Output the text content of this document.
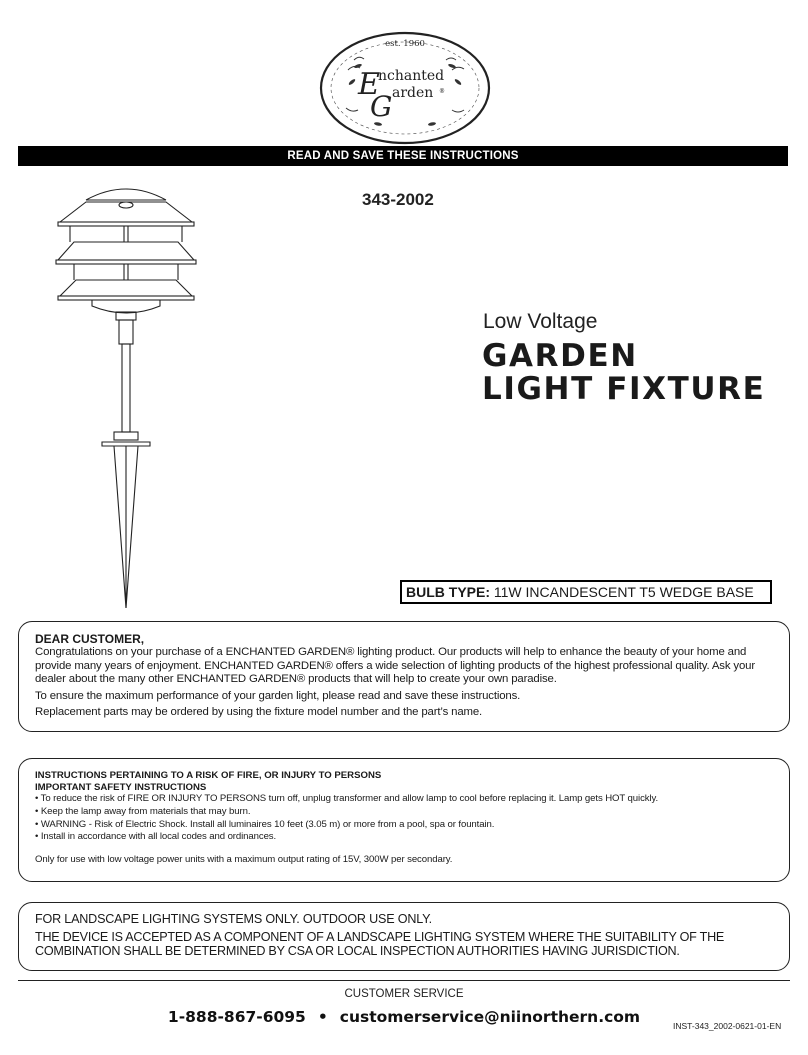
est. 1960
E
nchanted
G arden ®
READ AND SAVE THESE INSTRUCTIONS
343-2002
Low Voltage
GARDEN
LIGHT FIXTURE
BULB TYPE: 11W INCANDESCENT T5 WEDGE BASE
DEAR CUSTOMER,

Congratulations on your purchase of a ENCHANTED GARDEN® lighting product. Our products will help to enhance the beauty of your home and provide many years of enjoyment. ENCHANTED GARDEN® offers a wide selection of lighting products of the highest professional quality. Ask your dealer about the many other ENCHANTED GARDEN® products that will help to create your own paradise.

To ensure the maximum performance of your garden light, please read and save these instructions.

Replacement parts may be ordered by using the fixture model number and the part’s name.

INSTRUCTIONS PERTAINING TO A RISK OF FIRE, OR INJURY TO PERSONS
IMPORTANT SAFETY INSTRUCTIONS
• To reduce the risk of FIRE OR INJURY TO PERSONS turn off, unplug transformer and allow lamp to cool before replacing it. Lamp gets HOT quickly.
• Keep the lamp away from materials that may burn.
• WARNING - Risk of Electric Shock. Install all luminaires 10 feet (3.05 m) or more from a pool, spa or fountain.
• Install in accordance with all local codes and ordinances.
Only for use with low voltage power units with a maximum output rating of 15V, 300W per secondary.
FOR LANDSCAPE LIGHTING SYSTEMS ONLY. OUTDOOR USE ONLY.
THE DEVICE IS ACCEPTED AS A COMPONENT OF A LANDSCAPE LIGHTING SYSTEM WHERE THE SUITABILITY OF THE COMBINATION SHALL BE DETERMINED BY CSA OR LOCAL INSPECTION AUTHORITIES HAVING JURISDICTION.
CUSTOMER SERVICE
1-888-867-6095 • customerservice@niinorthern.com	INST-343_2002-0621-01-EN
